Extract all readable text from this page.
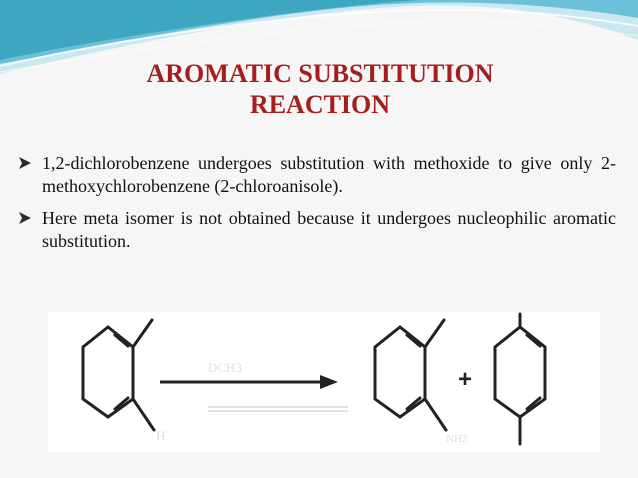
AROMATIC SUBSTITUTION
REACTION
1,2-dichlorobenzene undergoes substitution with methoxide to give only 2-methoxychlorobenzene (2-chloroanisole).
Here meta isomer is not obtained because it undergoes nucleophilic aromatic substitution.
H
DCH3
NH2
+
